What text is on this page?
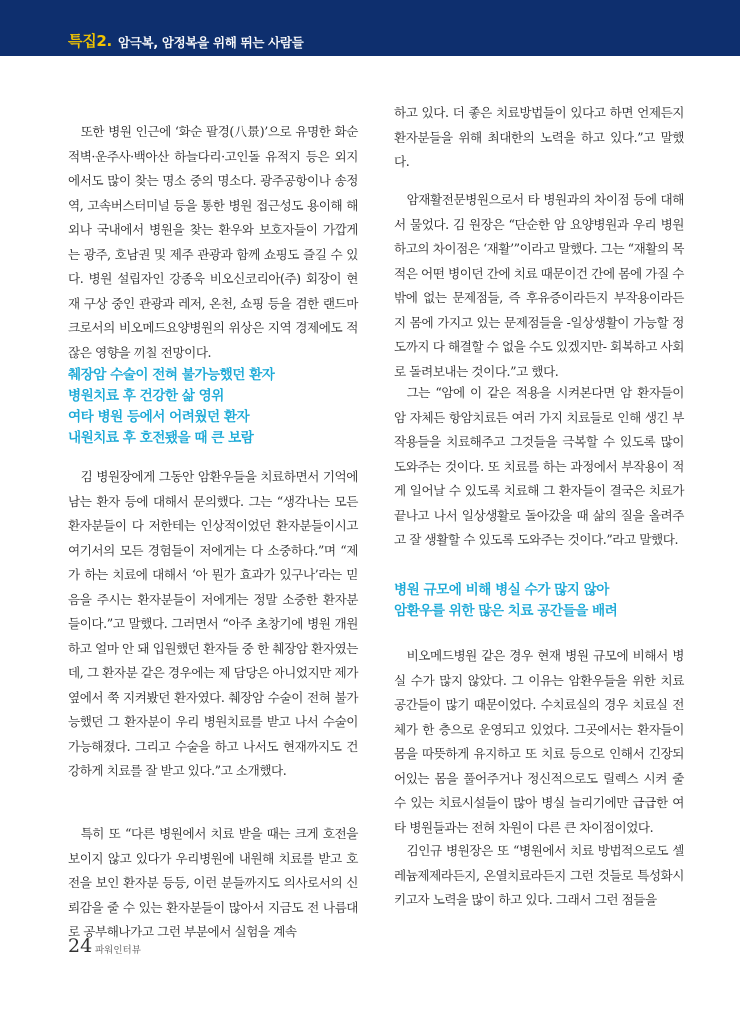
특집2. 암극복, 암정복을 위해 뛰는 사람들

또한 병원 인근에 ‘화순 팔경(八景)’으로 유명한 화순 적벽·운주사·백아산 하늘다리·고인돌 유적지 등은 외지에서도 많이 찾는 명소 중의 명소다. 광주공항이나 송정역, 고속버스터미널 등을 통한 병원 접근성도 용이해 해외나 국내에서 병원을 찾는 환우와 보호자들이 가깝게는 광주, 호남권 및 제주 관광과 함께 쇼핑도 즐길 수 있다. 병원 설립자인 강종욱 비오신코리아(주) 회장이 현재 구상 중인 관광과 레저, 온천, 쇼핑 등을 겸한 랜드마크로서의 비오메드요양병원의 위상은 지역 경제에도 적잖은 영향을 끼칠 전망이다.

췌장암 수술이 전혀 불가능했던 환자
병원치료 후 건강한 삶 영위
여타 병원 등에서 어려웠던 환자
내원치료 후 호전됐을 때 큰 보람

김 병원장에게 그동안 암환우들을 치료하면서 기억에 남는 환자 등에 대해서 문의했다. 그는 “생각나는 모든 환자분들이 다 저한테는 인상적이었던 환자분들이시고 여기서의 모든 경험들이 저에게는 다 소중하다.”며 “제가 하는 치료에 대해서 ‘아 뭔가 효과가 있구나’라는 믿음을 주시는 환자분들이 저에게는 정말 소중한 환자분들이다.”고 말했다. 그러면서 “아주 초창기에 병원 개원하고 얼마 안 돼 입원했던 환자들 중 한 췌장암 환자였는데, 그 환자분 같은 경우에는 제 담당은 아니었지만 제가 옆에서 쭉 지켜봤던 환자였다. 췌장암 수술이 전혀 불가능했던 그 환자분이 우리 병원치료를 받고 나서 수술이 가능해졌다. 그리고 수술을 하고 나서도 현재까지도 건강하게 치료를 잘 받고 있다.”고 소개했다.

특히 또 “다른 병원에서 치료 받을 때는 크게 호전을 보이지 않고 있다가 우리병원에 내원해 치료를 받고 호전을 보인 환자분 등등, 이런 분들까지도 의사로서의 신뢰감을 줄 수 있는 환자분들이 많아서 지금도 전 나름대로 공부해나가고 그런 부분에서 실험을 계속

하고 있다. 더 좋은 치료방법들이 있다고 하면 언제든지 환자분들을 위해 최대한의 노력을 하고 있다.”고 말했다.

암재활전문병원으로서 타 병원과의 차이점 등에 대해서 물었다. 김 원장은 “단순한 암 요양병원과 우리 병원하고의 차이점은 ‘재활’”이라고 말했다. 그는 “재활의 목적은 어떤 병이던 간에 치료 때문이건 간에 몸에 가질 수밖에 없는 문제점들, 즉 후유증이라든지 부작용이라든지 몸에 가지고 있는 문제점들을 -일상생활이 가능할 정도까지 다 해결할 수 없을 수도 있겠지만- 회복하고 사회로 돌려보내는 것이다.”고 했다.

그는 “암에 이 같은 적용을 시켜본다면 암 환자들이 암 자체든 항암치료든 여러 가지 치료들로 인해 생긴 부작용들을 치료해주고 그것들을 극복할 수 있도록 많이 도와주는 것이다. 또 치료를 하는 과정에서 부작용이 적게 일어날 수 있도록 치료해 그 환자들이 결국은 치료가 끝나고 나서 일상생활로 돌아갔을 때 삶의 질을 올려주고 잘 생활할 수 있도록 도와주는 것이다.”라고 말했다.

병원 규모에 비해 병실 수가 많지 않아
암환우를 위한 많은 치료 공간들을 배려

비오메드병원 같은 경우 현재 병원 규모에 비해서 병실 수가 많지 않았다. 그 이유는 암환우들을 위한 치료 공간들이 많기 때문이었다. 수치료실의 경우 치료실 전체가 한 층으로 운영되고 있었다. 그곳에서는 환자들이 몸을 따뜻하게 유지하고 또 치료 등으로 인해서 긴장되어있는 몸을 풀어주거나 정신적으로도 릴렉스 시켜 줄 수 있는 치료시설들이 많아 병실 늘리기에만 급급한 여타 병원들과는 전혀 차원이 다른 큰 차이점이었다.

김인규 병원장은 또 “병원에서 치료 방법적으로도 셀레늄제제라든지, 온열치료라든지 그런 것들로 특성화시키고자 노력을 많이 하고 있다. 그래서 그런 점들을

24 파워인터뷰
